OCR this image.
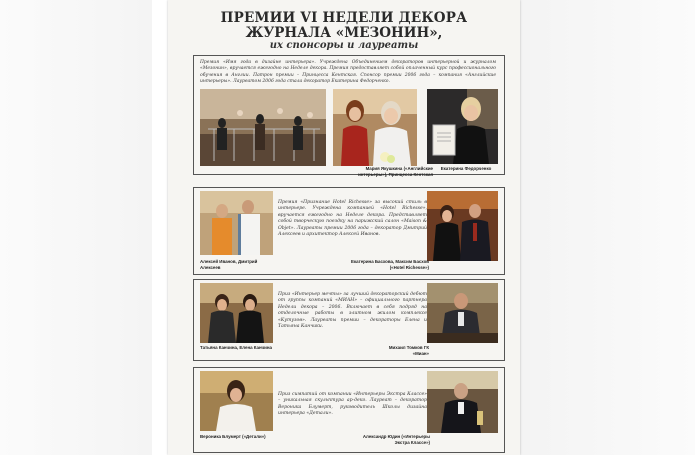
ПРЕМИИ VI НЕДЕЛИ ДЕКОРА
ЖУРНАЛА «МЕЗОНИН»,
их спонсоры и лауреаты
Премия «Имя года в дизайне интерьера». Учреждена Объединением декораторов интерьерной и журналом «Мезонин», вручается ежегодно на Неделе декора. Премия предоставляет собой оплаченный курс профессионального обучения в Англии. Патрон премии – Принцесса Кентская. Спонсор премии 2006 года – компания «Английские интерьеры». Лауреатом 2006 года стала декоратор Екатерина Федорченко.
Мария Якушкина («Английские интерьеры»), Принцесса Кентская
Екатерина Федорченко
Премия «Признание Hotel Richesse» за высокий стиль в интерьере. Учреждена компанией «Hotel Richesse», вручается ежегодно на Неделе декора. Представляет собой творческую поездку на парижский салон «Maison & Objet». Лауреаты премии 2006 года – декоратор Дмитрий Алексеев и архитектор Алексей Иванов.
Алексей Иванов, Дмитрий Алексеев
Екатерина Басхова, Максим Басхов («Hotel Richesse»)
Приз «Интерьер мечты» за лучший декораторский дебют от группы компаний «МИАН» – официального партнера Недели декора – 2006. Включает в себя подряд на отделочные работы в элитном жилом комплексе «Кутузов». Лауреаты премии – декораторы Елена и Татьяна Канчики.
Татьяна Канчина, Елена Канчина	Михаил Томков ГК «Миан»
Приз симпатий от компании «Интерьеры Экстра Классе» – уникальная скульптура ар-деко. Лауреат – декоратор Вероника Блумерт, руководитель Школы дизайна интерьера «Детали».
Вероника Блумерт («Детали»)	Александр Юдин («Интерьеры Экстра Классе»)
